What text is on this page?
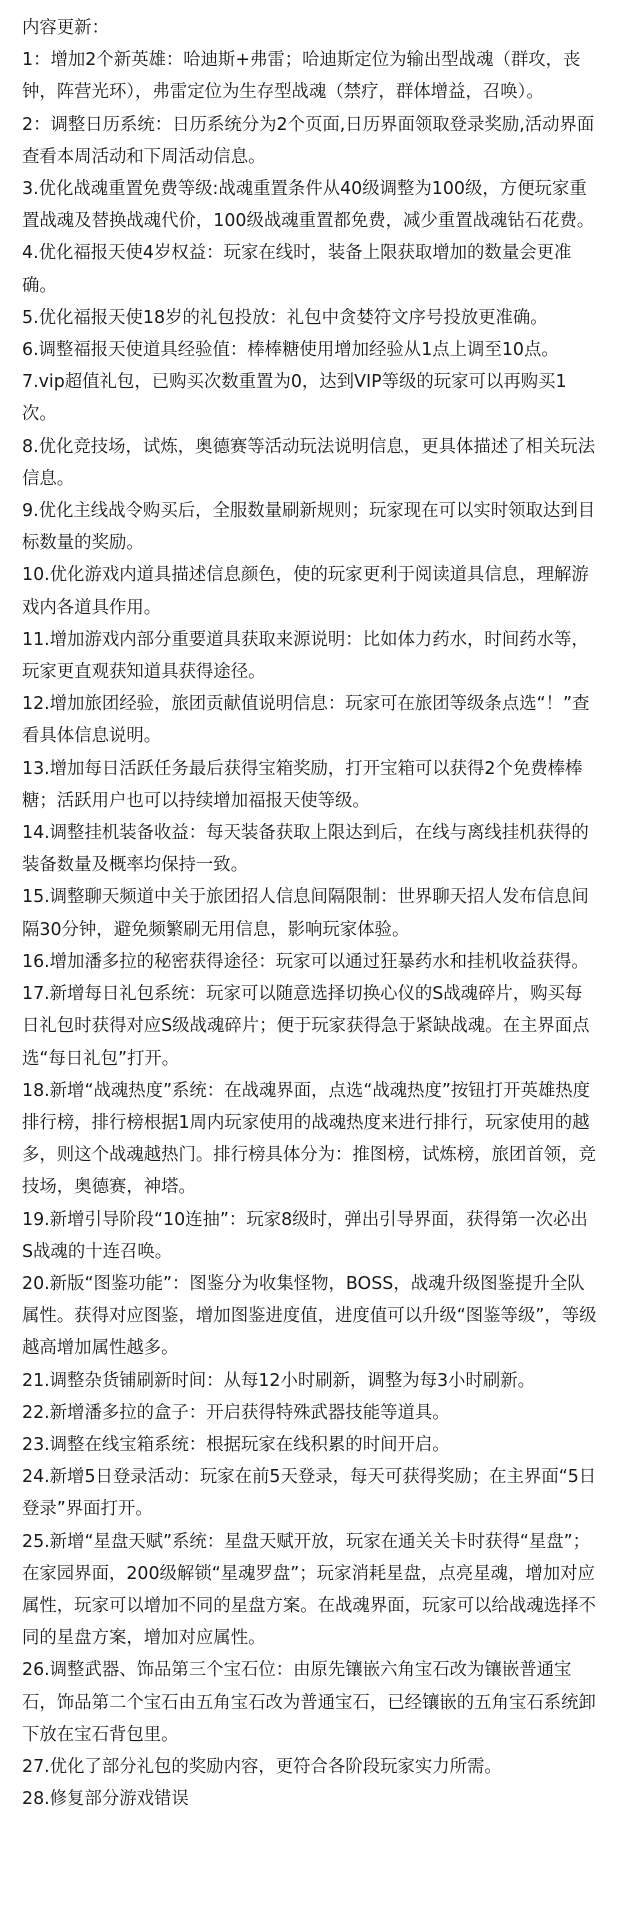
内容更新：

1：增加2个新英雄：哈迪斯+弗雷；哈迪斯定位为输出型战魂（群攻，丧钟，阵营光环），弗雷定位为生存型战魂（禁疗，群体增益，召唤）。

2：调整日历系统：日历系统分为2个页面,日历界面领取登录奖励,活动界面查看本周活动和下周活动信息。

3.优化战魂重置免费等级:战魂重置条件从40级调整为100级，方便玩家重置战魂及替换战魂代价，100级战魂重置都免费，减少重置战魂钻石花费。

4.优化福报天使4岁权益：玩家在线时，装备上限获取增加的数量会更准确。

5.优化福报天使18岁的礼包投放：礼包中贪婪符文序号投放更准确。

6.调整福报天使道具经验值：棒棒糖使用增加经验从1点上调至10点。

7.vip超值礼包，已购买次数重置为0，达到VIP等级的玩家可以再购买1次。

8.优化竞技场，试炼，奥德赛等活动玩法说明信息，更具体描述了相关玩法信息。

9.优化主线战令购买后，全服数量刷新规则；玩家现在可以实时领取达到目标数量的奖励。

10.优化游戏内道具描述信息颜色，使的玩家更利于阅读道具信息，理解游戏内各道具作用。

11.增加游戏内部分重要道具获取来源说明：比如体力药水，时间药水等，玩家更直观获知道具获得途径。

12.增加旅团经验，旅团贡献值说明信息：玩家可在旅团等级条点选“！”查看具体信息说明。

13.增加每日活跃任务最后获得宝箱奖励，打开宝箱可以获得2个免费棒棒糖；活跃用户也可以持续增加福报天使等级。

14.调整挂机装备收益：每天装备获取上限达到后，在线与离线挂机获得的装备数量及概率均保持一致。

15.调整聊天频道中关于旅团招人信息间隔限制：世界聊天招人发布信息间隔30分钟，避免频繁刷无用信息，影响玩家体验。

16.增加潘多拉的秘密获得途径：玩家可以通过狂暴药水和挂机收益获得。

17.新增每日礼包系统：玩家可以随意选择切换心仪的S战魂碎片，购买每日礼包时获得对应S级战魂碎片；便于玩家获得急于紧缺战魂。在主界面点选“每日礼包”打开。

18.新增“战魂热度”系统：在战魂界面，点选“战魂热度”按钮打开英雄热度排行榜，排行榜根据1周内玩家使用的战魂热度来进行排行，玩家使用的越多，则这个战魂越热门。排行榜具体分为：推图榜，试炼榜，旅团首领，竞技场，奥德赛，神塔。

19.新增引导阶段“10连抽”：玩家8级时，弹出引导界面，获得第一次必出S战魂的十连召唤。

20.新版“图鉴功能”：图鉴分为收集怪物，BOSS，战魂升级图鉴提升全队属性。获得对应图鉴，增加图鉴进度值，进度值可以升级“图鉴等级”，等级越高增加属性越多。

21.调整杂货铺刷新时间：从每12小时刷新，调整为每3小时刷新。

22.新增潘多拉的盒子：开启获得特殊武器技能等道具。

23.调整在线宝箱系统：根据玩家在线积累的时间开启。

24.新增5日登录活动：玩家在前5天登录，每天可获得奖励；在主界面“5日登录”界面打开。

25.新增“星盘天赋”系统：星盘天赋开放，玩家在通关关卡时获得“星盘”；在家园界面，200级解锁“星魂罗盘”；玩家消耗星盘，点亮星魂，增加对应属性，玩家可以增加不同的星盘方案。在战魂界面，玩家可以给战魂选择不同的星盘方案，增加对应属性。

26.调整武器、饰品第三个宝石位：由原先镶嵌六角宝石改为镶嵌普通宝石，饰品第二个宝石由五角宝石改为普通宝石，已经镶嵌的五角宝石系统卸下放在宝石背包里。

27.优化了部分礼包的奖励内容，更符合各阶段玩家实力所需。

28.修复部分游戏错误
